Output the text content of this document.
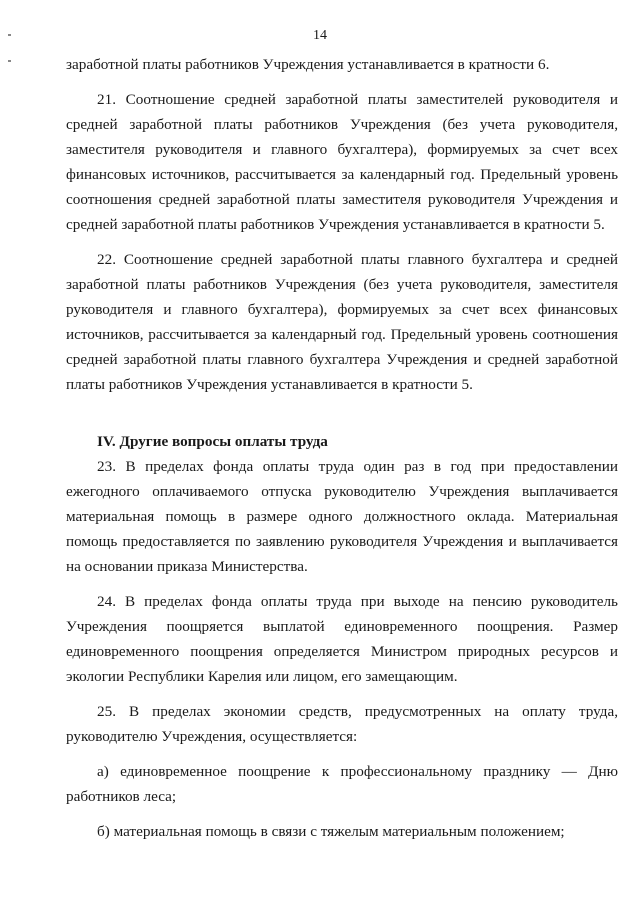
14

заработной платы работников Учреждения устанавливается в кратности 6.

21. Соотношение средней заработной платы заместителей руководителя и средней заработной платы работников Учреждения (без учета руководителя, заместителя руководителя и главного бухгалтера), формируемых за счет всех финансовых источников, рассчитывается за календарный год. Предельный уровень соотношения средней заработной платы заместителя руководителя Учреждения и средней заработной платы работников Учреждения устанавливается в кратности 5.

22. Соотношение средней заработной платы главного бухгалтера и средней заработной платы работников Учреждения (без учета руководителя, заместителя руководителя и главного бухгалтера), формируемых за счет всех финансовых источников, рассчитывается за календарный год. Предельный уровень соотношения средней заработной платы главного бухгалтера Учреждения и средней заработной платы работников Учреждения устанавливается в кратности 5.

IV. Другие вопросы оплаты труда

23. В пределах фонда оплаты труда один раз в год при предоставлении ежегодного оплачиваемого отпуска руководителю Учреждения выплачивается материальная помощь в размере одного должностного оклада. Материальная помощь предоставляется по заявлению руководителя Учреждения и выплачивается на основании приказа Министерства.

24. В пределах фонда оплаты труда при выходе на пенсию руководитель Учреждения поощряется выплатой единовременного поощрения. Размер единовременного поощрения определяется Министром природных ресурсов и экологии Республики Карелия или лицом, его замещающим.

25. В пределах экономии средств, предусмотренных на оплату труда, руководителю Учреждения, осуществляется:

а) единовременное поощрение к профессиональному празднику — Дню работников леса;

б) материальная помощь в связи с тяжелым материальным положением;
